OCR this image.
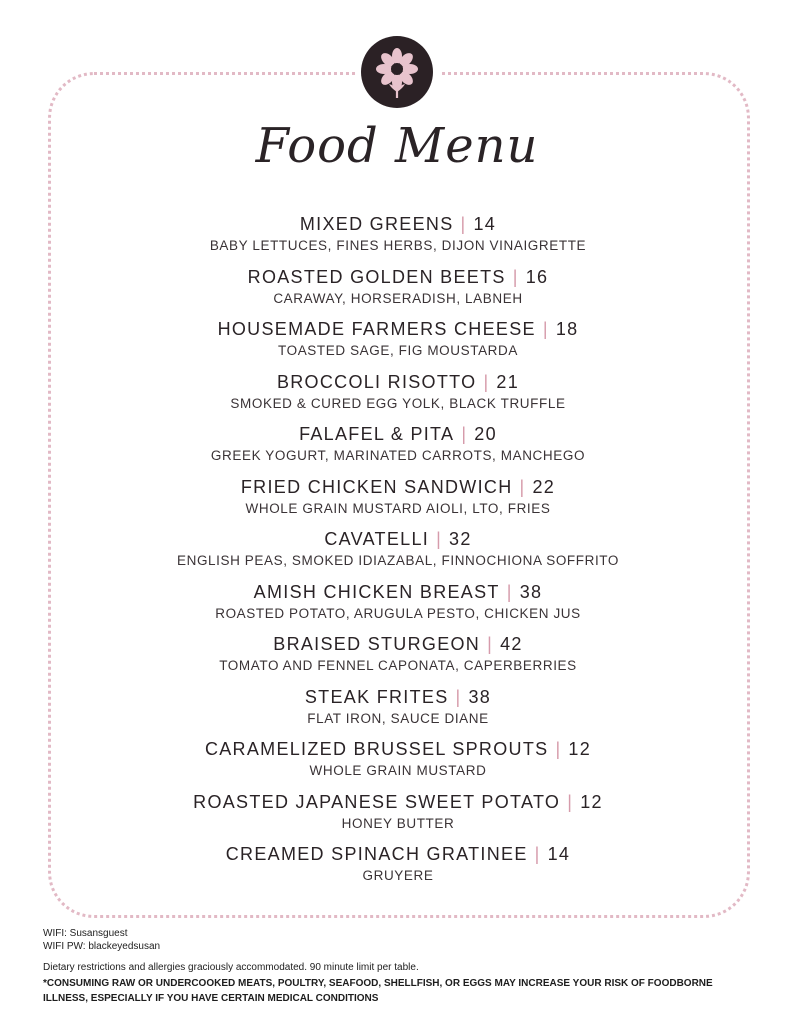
Food Menu
MIXED GREENS | 14
BABY LETTUCES, FINES HERBS, DIJON VINAIGRETTE
ROASTED GOLDEN BEETS | 16
CARAWAY, HORSERADISH, LABNEH
HOUSEMADE FARMERS CHEESE | 18
TOASTED SAGE, FIG MOUSTARDA
BROCCOLI RISOTTO | 21
SMOKED & CURED EGG YOLK, BLACK TRUFFLE
FALAFEL & PITA | 20
GREEK YOGURT, MARINATED CARROTS, MANCHEGO
FRIED CHICKEN SANDWICH | 22
WHOLE GRAIN MUSTARD AIOLI, LTO, FRIES
CAVATELLI | 32
ENGLISH PEAS, SMOKED IDIAZABAL, FINNOCHIONA SOFFRITO
AMISH CHICKEN BREAST | 38
ROASTED POTATO, ARUGULA PESTO, CHICKEN JUS
BRAISED STURGEON | 42
TOMATO AND FENNEL CAPONATA, CAPERBERRIES
STEAK FRITES | 38
FLAT IRON, SAUCE DIANE
CARAMELIZED BRUSSEL SPROUTS | 12
WHOLE GRAIN MUSTARD
ROASTED JAPANESE SWEET POTATO | 12
HONEY BUTTER
CREAMED SPINACH GRATINEE | 14
GRUYERE

WIFI: Susansguest

WIFI PW: blackeyedsusan

Dietary restrictions and allergies graciously accommodated. 90 minute limit per table.

*CONSUMING RAW OR UNDERCOOKED MEATS, POULTRY, SEAFOOD, SHELLFISH, OR EGGS MAY INCREASE YOUR RISK OF FOODBORNE

ILLNESS, ESPECIALLY IF YOU HAVE CERTAIN MEDICAL CONDITIONS
